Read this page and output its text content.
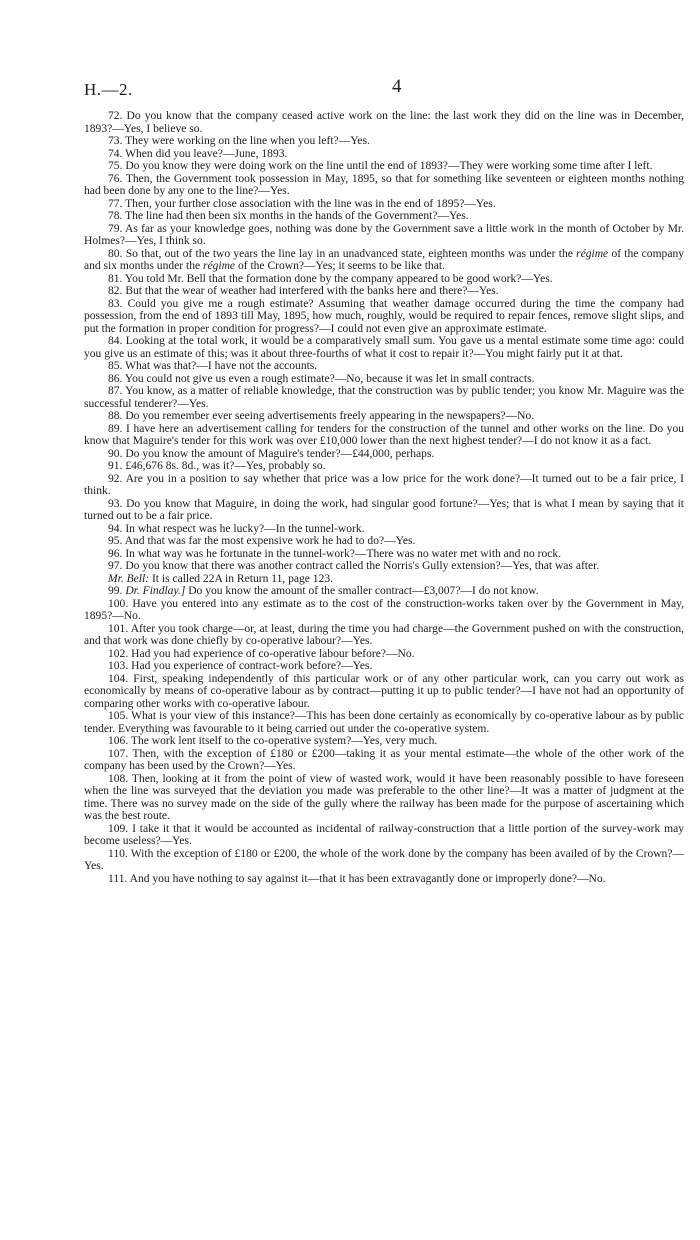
H.—2.	4

72. Do you know that the company ceased active work on the line: the last work they did on the line was in December, 1893?—Yes, I believe so.

73. They were working on the line when you left?—Yes.

74. When did you leave?—June, 1893.

75. Do you know they were doing work on the line until the end of 1893?—They were working some time after I left.

76. Then, the Government took possession in May, 1895, so that for something like seventeen or eighteen months nothing had been done by any one to the line?—Yes.

77. Then, your further close association with the line was in the end of 1895?—Yes.

78. The line had then been six months in the hands of the Government?—Yes.

79. As far as your knowledge goes, nothing was done by the Government save a little work in the month of October by Mr. Holmes?—Yes, I think so.

80. So that, out of the two years the line lay in an unadvanced state, eighteen months was under the régime of the company and six months under the régime of the Crown?—Yes; it seems to be like that.

81. You told Mr. Bell that the formation done by the company appeared to be good work?—Yes.

82. But that the wear of weather had interfered with the banks here and there?—Yes.

83. Could you give me a rough estimate? Assuming that weather damage occurred during the time the company had possession, from the end of 1893 till May, 1895, how much, roughly, would be required to repair fences, remove slight slips, and put the formation in proper condition for progress?—I could not even give an approximate estimate.

84. Looking at the total work, it would be a comparatively small sum. You gave us a mental estimate some time ago: could you give us an estimate of this; was it about three-fourths of what it cost to repair it?—You might fairly put it at that.

85. What was that?—I have not the accounts.

86. You could not give us even a rough estimate?—No, because it was let in small contracts.

87. You know, as a matter of reliable knowledge, that the construction was by public tender; you know Mr. Maguire was the successful tenderer?—Yes.

88. Do you remember ever seeing advertisements freely appearing in the newspapers?—No.

89. I have here an advertisement calling for tenders for the construction of the tunnel and other works on the line. Do you know that Maguire's tender for this work was over £10,000 lower than the next highest tender?—I do not know it as a fact.

90. Do you know the amount of Maguire's tender?—£44,000, perhaps.

91. £46,676 8s. 8d., was it?—Yes, probably so.

92. Are you in a position to say whether that price was a low price for the work done?—It turned out to be a fair price, I think.

93. Do you know that Maguire, in doing the work, had singular good fortune?—Yes; that is what I mean by saying that it turned out to be a fair price.

94. In what respect was he lucky?—In the tunnel-work.

95. And that was far the most expensive work he had to do?—Yes.

96. In what way was he fortunate in the tunnel-work?—There was no water met with and no rock.

97. Do you know that there was another contract called the Norris's Gully extension?—Yes, that was after.

Mr. Bell: It is called 22A in Return 11, page 123.

99. Dr. Findlay.] Do you know the amount of the smaller contract—£3,007?—I do not know.

100. Have you entered into any estimate as to the cost of the construction-works taken over by the Government in May, 1895?—No.

101. After you took charge—or, at least, during the time you had charge—the Government pushed on with the construction, and that work was done chiefly by co-operative labour?—Yes.

102. Had you had experience of co-operative labour before?—No.

103. Had you experience of contract-work before?—Yes.

104. First, speaking independently of this particular work or of any other particular work, can you carry out work as economically by means of co-operative labour as by contract—putting it up to public tender?—I have not had an opportunity of comparing other works with co-operative labour.

105. What is your view of this instance?—This has been done certainly as economically by co-operative labour as by public tender. Everything was favourable to it being carried out under the co-operative system.

106. The work lent itself to the co-operative system?—Yes, very much.

107. Then, with the exception of £180 or £200—taking it as your mental estimate—the whole of the other work of the company has been used by the Crown?—Yes.

108. Then, looking at it from the point of view of wasted work, would it have been reasonably possible to have foreseen when the line was surveyed that the deviation you made was preferable to the other line?—It was a matter of judgment at the time. There was no survey made on the side of the gully where the railway has been made for the purpose of ascertaining which was the best route.

109. I take it that it would be accounted as incidental of railway-construction that a little portion of the survey-work may become useless?—Yes.

110. With the exception of £180 or £200, the whole of the work done by the company has been availed of by the Crown?—Yes.

111. And you have nothing to say against it—that it has been extravagantly done or improperly done?—No.
